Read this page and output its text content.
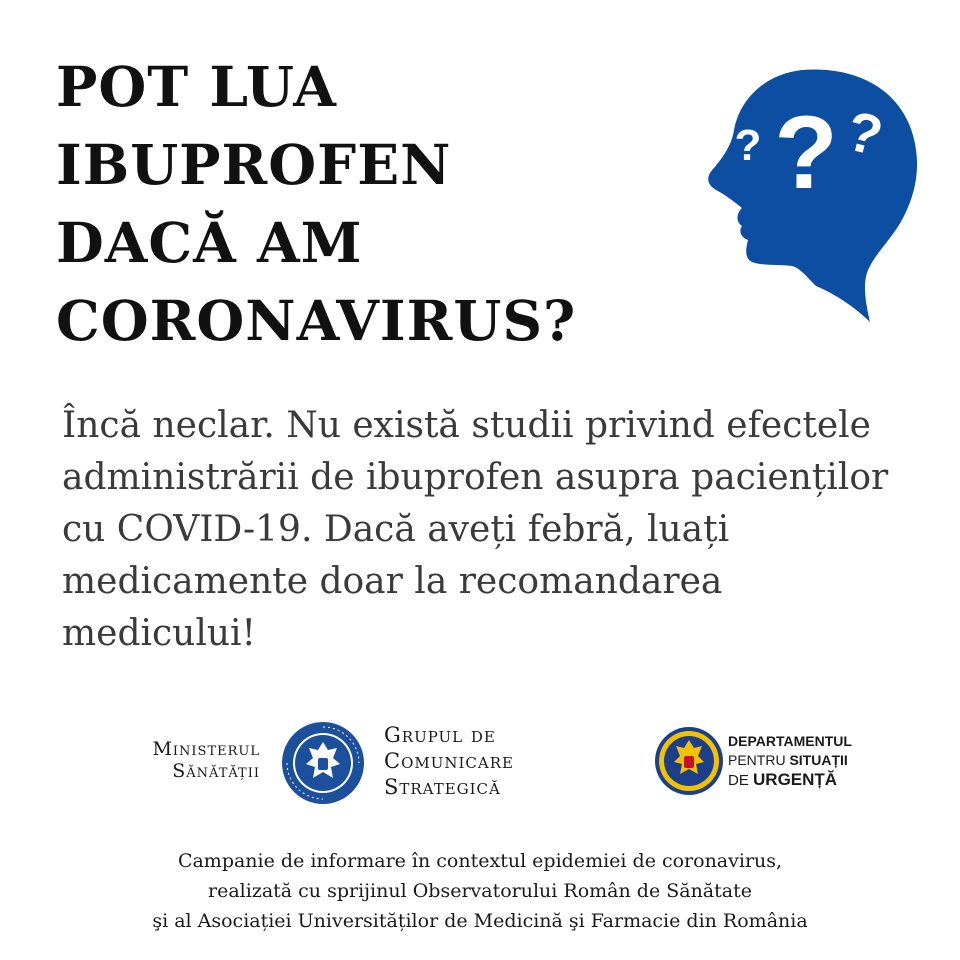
POT LUA
IBUPROFEN
DACĂ AM
CORONAVIRUS?
?
? ?

Încă neclar. Nu există studii privind efectele administrării de ibuprofen asupra pacienților cu COVID-19. Dacă aveți febră, luați medicamente doar la recomandarea medicului!

Ministerul
Sănătății
Grupul de
Comunicare
Strategică
DEPARTAMENTUL
PENTRU SITUAȚII
DE URGENȚĂ

Campanie de informare în contextul epidemiei de coronavirus,
realizată cu sprijinul Observatorului Român de Sănătate
şi al Asociației Universităților de Medicină şi Farmacie din România
